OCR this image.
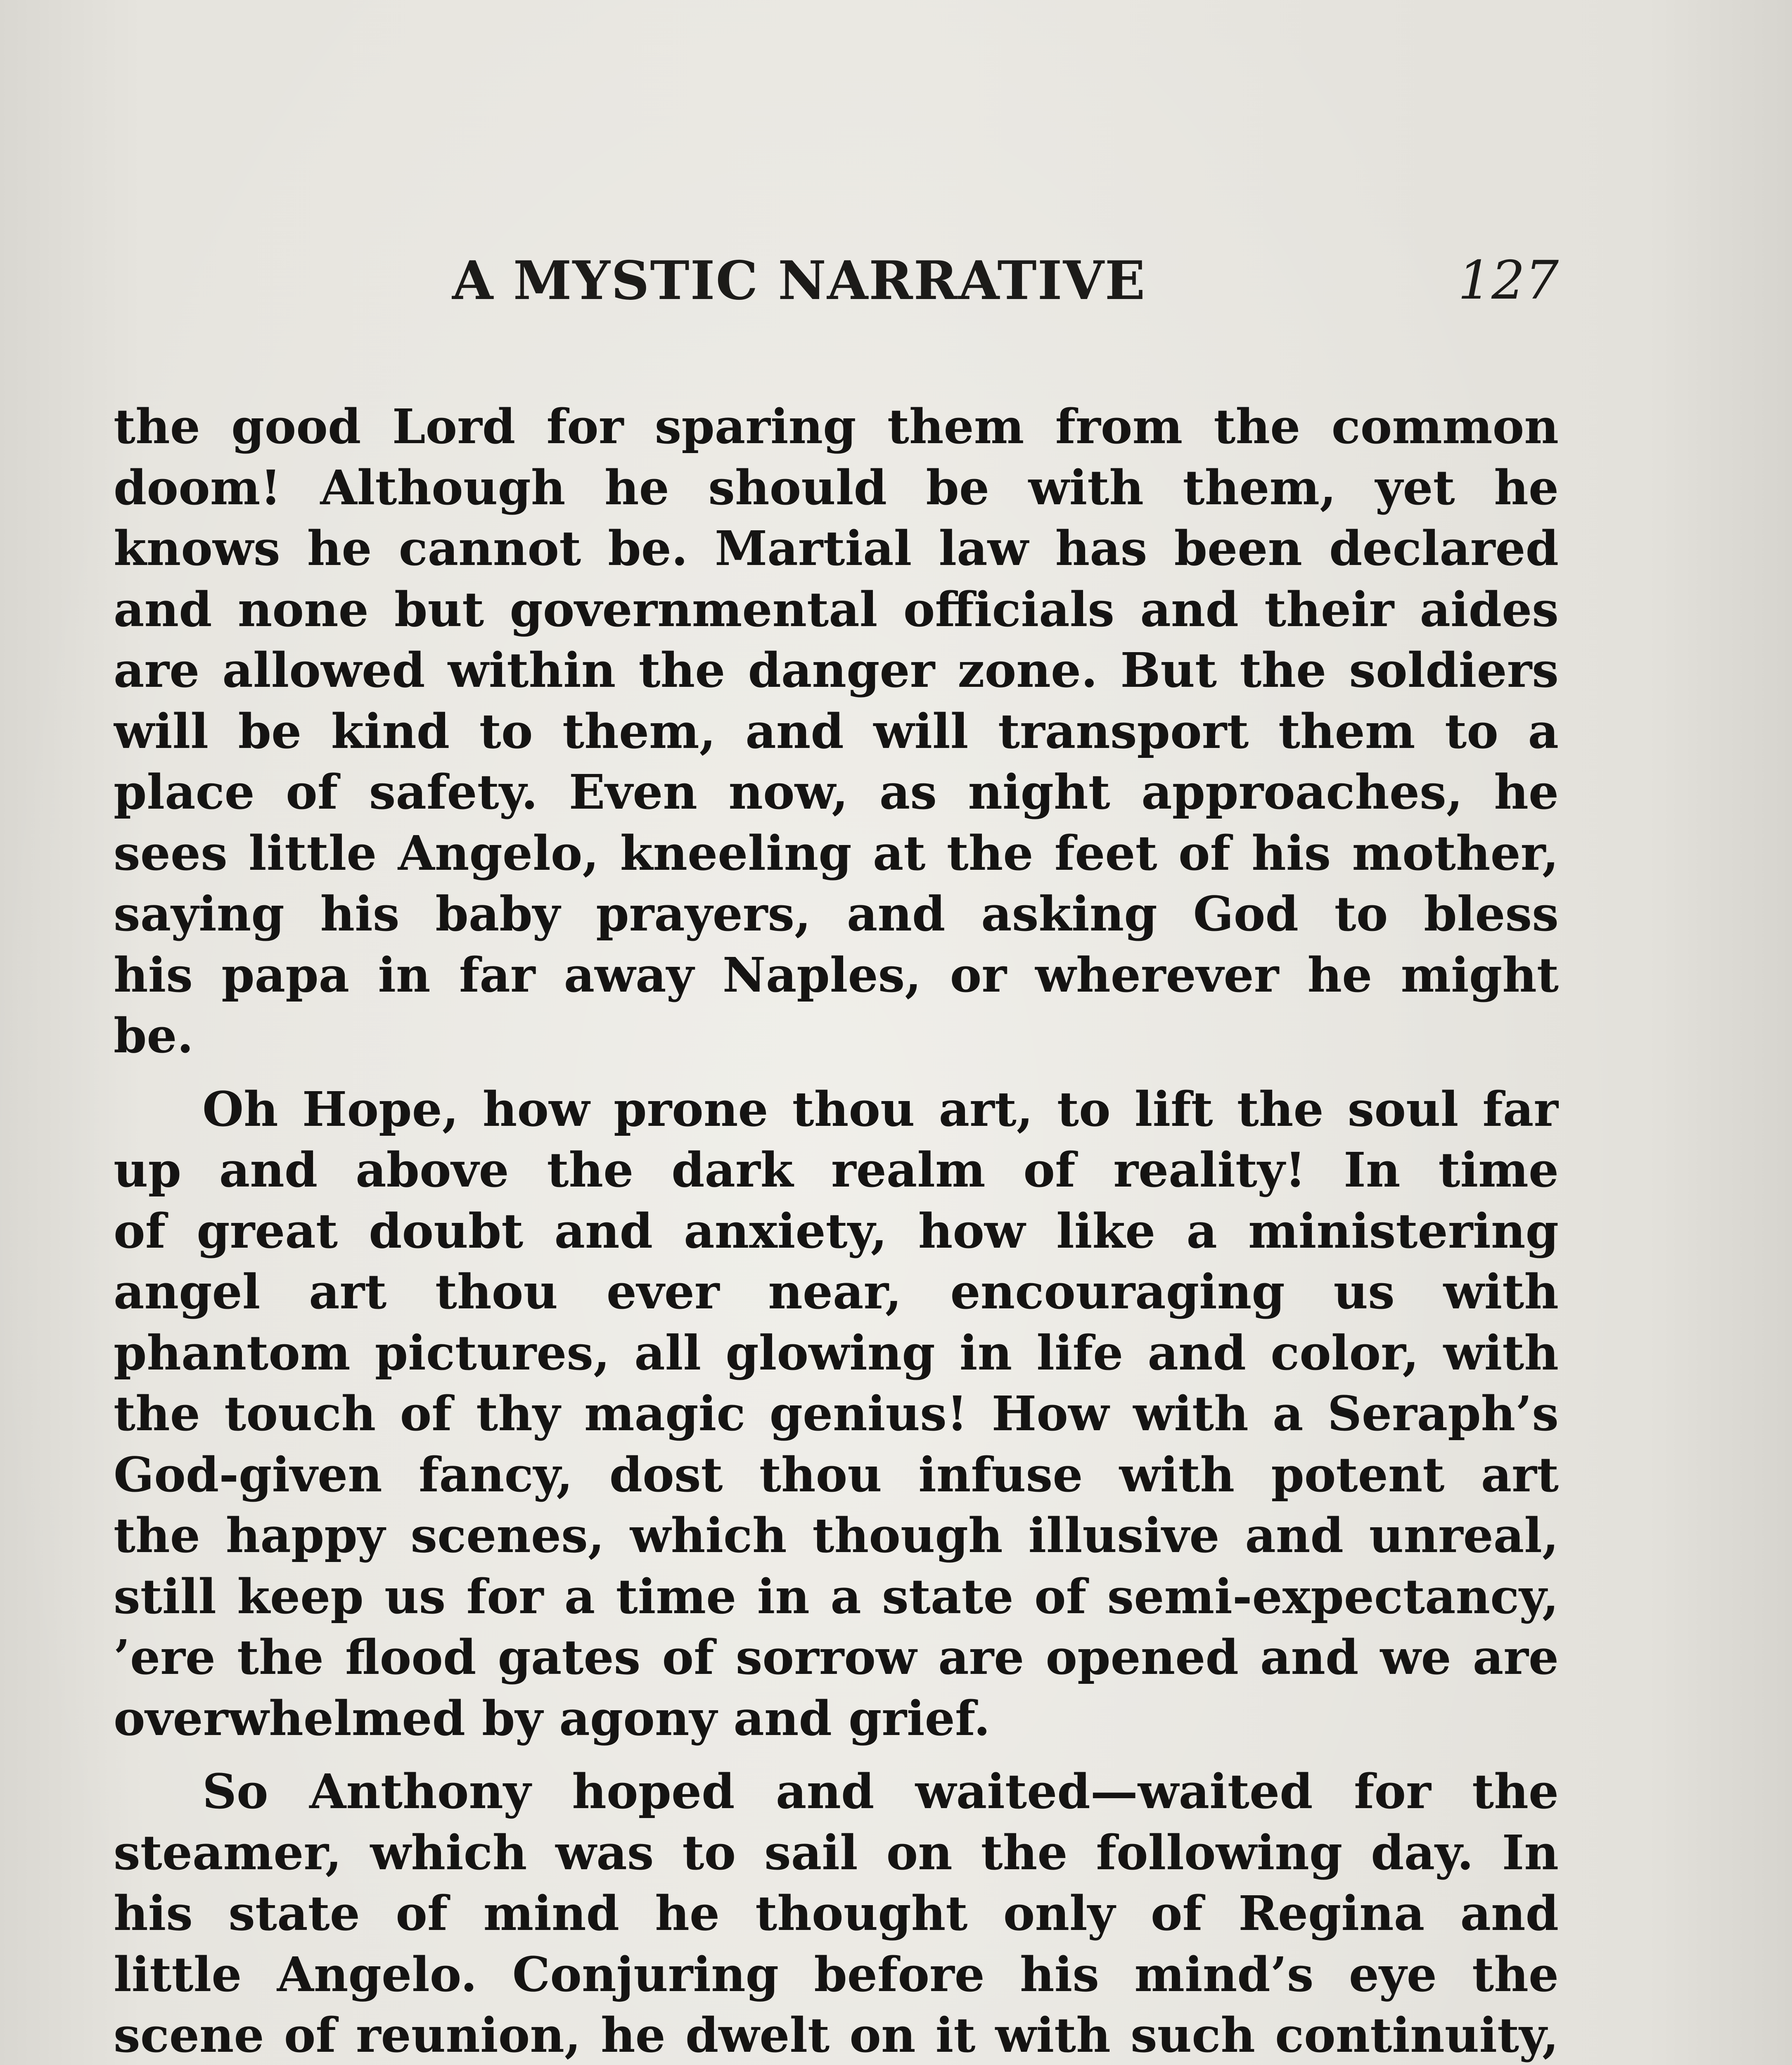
A MYSTIC NARRATIVE	127

the good Lord for sparing them from the common
doom! Although he should be with them, yet he
knows he cannot be. Martial law has been declared
and none but governmental officials and their aides
are allowed within the danger zone. But the soldiers
will be kind to them, and will transport them to a
place of safety. Even now, as night approaches, he
sees little Angelo, kneeling at the feet of his mother,
saying his baby prayers, and asking God to bless
his papa in far away Naples, or wherever he might
be.

Oh Hope, how prone thou art, to lift the soul far
up and above the dark realm of reality! In time
of great doubt and anxiety, how like a ministering
angel art thou ever near, encouraging us with
phantom pictures, all glowing in life and color, with
the touch of thy magic genius! How with a Seraph’s
God-given fancy, dost thou infuse with potent art
the happy scenes, which though illusive and unreal,
still keep us for a time in a state of semi-expectancy,
’ere the flood gates of sorrow are opened and we are
overwhelmed by agony and grief.

So Anthony hoped and waited—waited for the
steamer, which was to sail on the following day. In
his state of mind he thought only of Regina and
little Angelo. Conjuring before his mind’s eye the
scene of reunion, he dwelt on it with such continuity,
